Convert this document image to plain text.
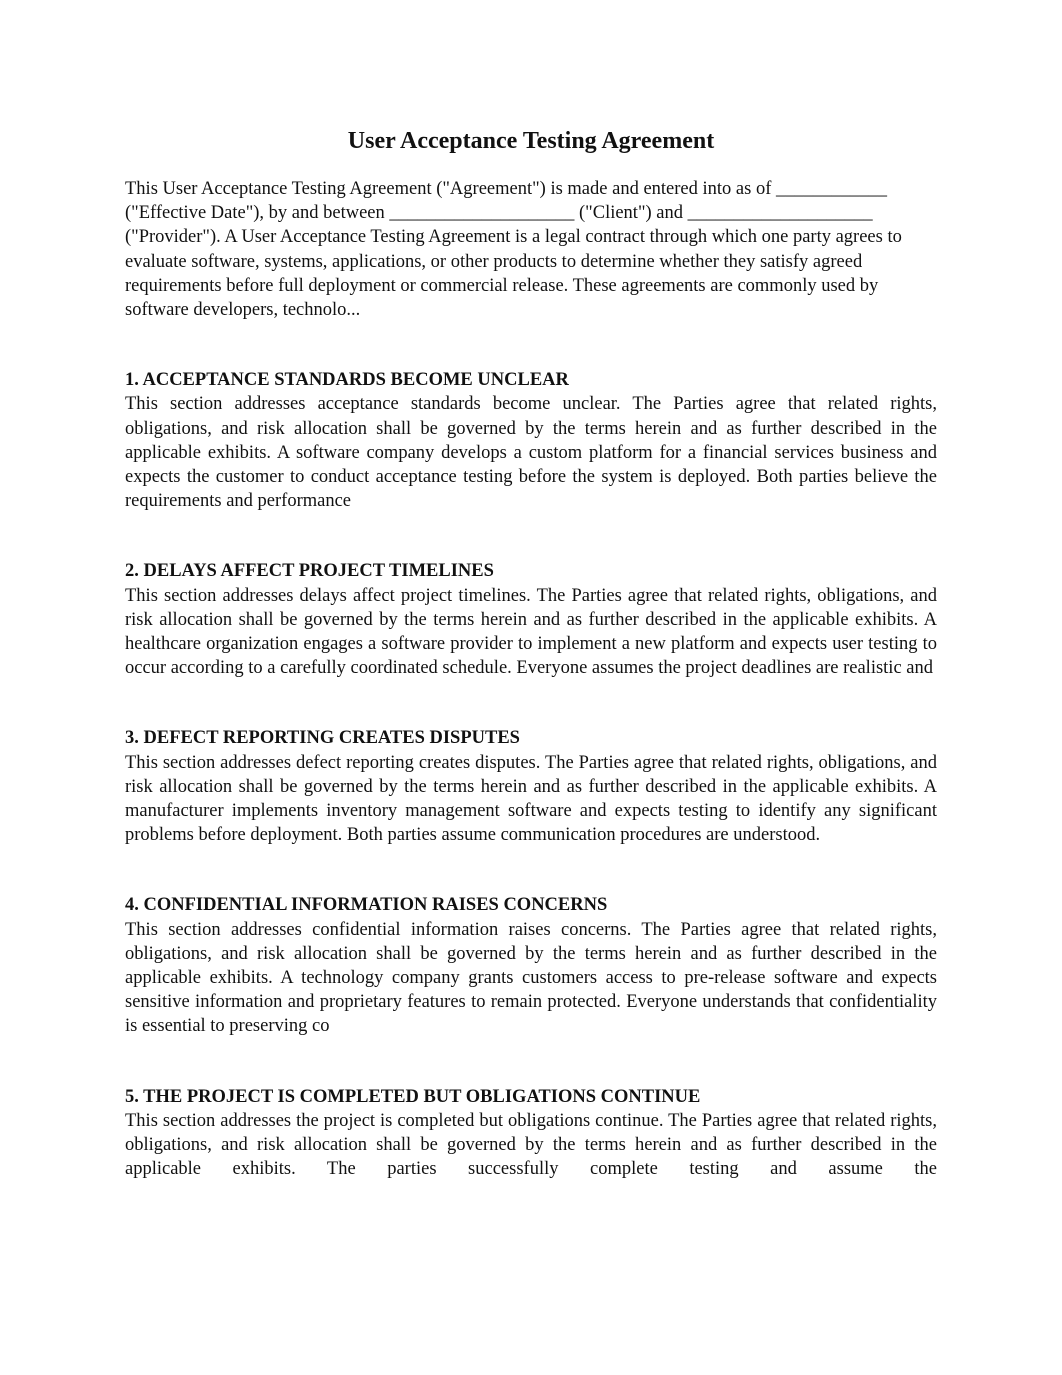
User Acceptance Testing Agreement

This User Acceptance Testing Agreement ("Agreement") is made and entered into as of ____________ ("Effective Date"), by and between ____________________ ("Client") and ____________________ ("Provider"). A User Acceptance Testing Agreement is a legal contract through which one party agrees to evaluate software, systems, applications, or other products to determine whether they satisfy agreed requirements before full deployment or commercial release. These agreements are commonly used by software developers, technolo...

1. ACCEPTANCE STANDARDS BECOME UNCLEAR

This section addresses acceptance standards become unclear. The Parties agree that related rights, obligations, and risk allocation shall be governed by the terms herein and as further described in the applicable exhibits. A software company develops a custom platform for a financial services business and expects the customer to conduct acceptance testing before the system is deployed. Both parties believe the requirements and performance

2. DELAYS AFFECT PROJECT TIMELINES

This section addresses delays affect project timelines. The Parties agree that related rights, obligations, and risk allocation shall be governed by the terms herein and as further described in the applicable exhibits. A healthcare organization engages a software provider to implement a new platform and expects user testing to occur according to a carefully coordinated schedule. Everyone assumes the project deadlines are realistic and

3. DEFECT REPORTING CREATES DISPUTES

This section addresses defect reporting creates disputes. The Parties agree that related rights, obligations, and risk allocation shall be governed by the terms herein and as further described in the applicable exhibits. A manufacturer implements inventory management software and expects testing to identify any significant problems before deployment. Both parties assume communication procedures are understood.

4. CONFIDENTIAL INFORMATION RAISES CONCERNS

This section addresses confidential information raises concerns. The Parties agree that related rights, obligations, and risk allocation shall be governed by the terms herein and as further described in the applicable exhibits. A technology company grants customers access to pre-release software and expects sensitive information and proprietary features to remain protected. Everyone understands that confidentiality is essential to preserving co

5. THE PROJECT IS COMPLETED BUT OBLIGATIONS CONTINUE

This section addresses the project is completed but obligations continue. The Parties agree that related rights, obligations, and risk allocation shall be governed by the terms herein and as further described in the applicable exhibits. The parties successfully complete testing and assume the
